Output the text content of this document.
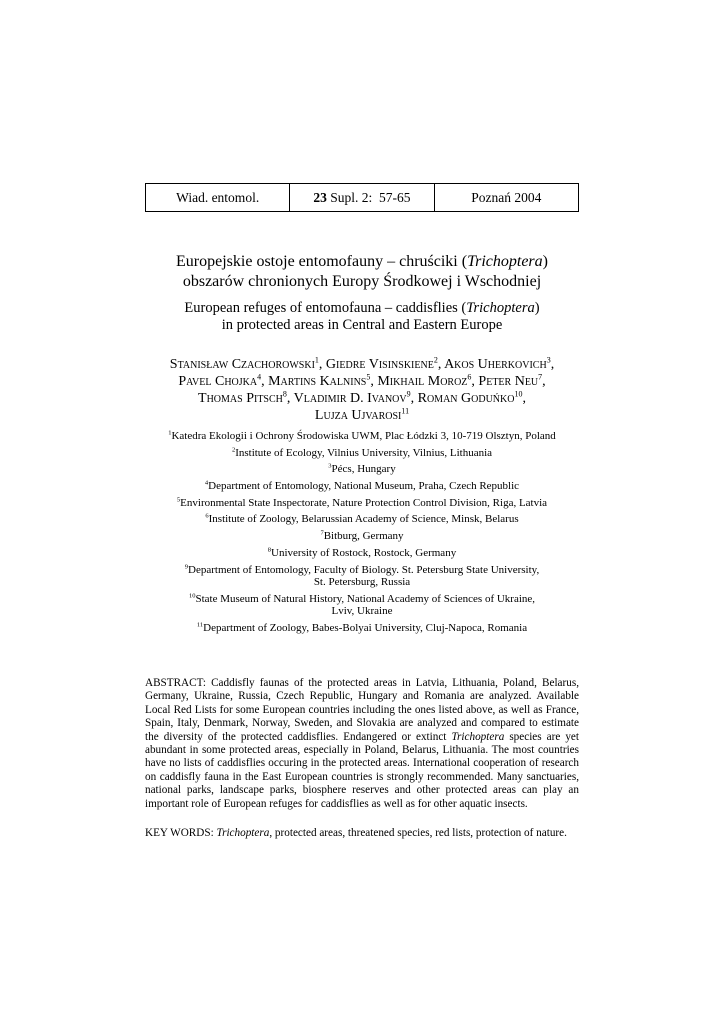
Wiad. entomol.	23 Supl. 2:  57-65	Poznań 2004
Europejskie ostoje entomofauny – chruściki (Trichoptera)
obszarów chronionych Europy Środkowej i Wschodniej
European refuges of entomofauna – caddisflies (Trichoptera)
in protected areas in Central and Eastern Europe
Stanisław Czachorowski$^1$, Giedre Visinskiene$^2$, Akos Uherkovich$^3$,
Pavel Chojka$^4$, Martins Kalnins$^5$, Mikhail Moroz$^6$, Peter Neu$^7$,
Thomas Pitsch$^8$, Vladimir D. Ivanov$^9$, Roman Goduńko$^{10}$,
Lujza Ujvarosi$^{11}$
$^1$Katedra Ekologii i Ochrony Środowiska UWM, Plac Łódzki 3, 10-719 Olsztyn, Poland
$^2$Institute of Ecology, Vilnius University, Vilnius, Lithuania
$^3$Pécs, Hungary
$^4$Department of Entomology, National Museum, Praha, Czech Republic
$^5$Environmental State Inspectorate, Nature Protection Control Division, Riga, Latvia
$^6$Institute of Zoology, Belarussian Academy of Science, Minsk, Belarus
$^7$Bitburg, Germany
$^8$University of Rostock, Rostock, Germany
$^9$Department of Entomology, Faculty of Biology. St. Petersburg State University,
St. Petersburg, Russia
$^{10}$State Museum of Natural History, National Academy of Sciences of Ukraine,
Lviv, Ukraine
$^{11}$Department of Zoology, Babes-Bolyai University, Cluj-Napoca, Romania
ABSTRACT: Caddisfly faunas of the protected areas in Latvia, Lithuania, Poland, Belarus, Germany, Ukraine, Russia, Czech Republic, Hungary and Romania are analyzed. Available Local Red Lists for some European countries including the ones listed above, as well as France, Spain, Italy, Denmark, Norway, Sweden, and Slovakia are analyzed and compared to estimate the diversity of the protected caddisflies. Endangered or extinct Trichoptera species are yet abundant in some protected areas, especially in Poland, Belarus, Lithuania. The most countries have no lists of caddisflies occuring in the protected areas. International cooperation of research on caddisfly fauna in the East European countries is strongly recommended. Many sanctuaries, national parks, landscape parks, biosphere reserves and other protected areas can play an important role of European refuges for caddisflies as well as for other aquatic insects.
KEY WORDS: Trichoptera, protected areas, threatened species, red lists, protection of nature.
